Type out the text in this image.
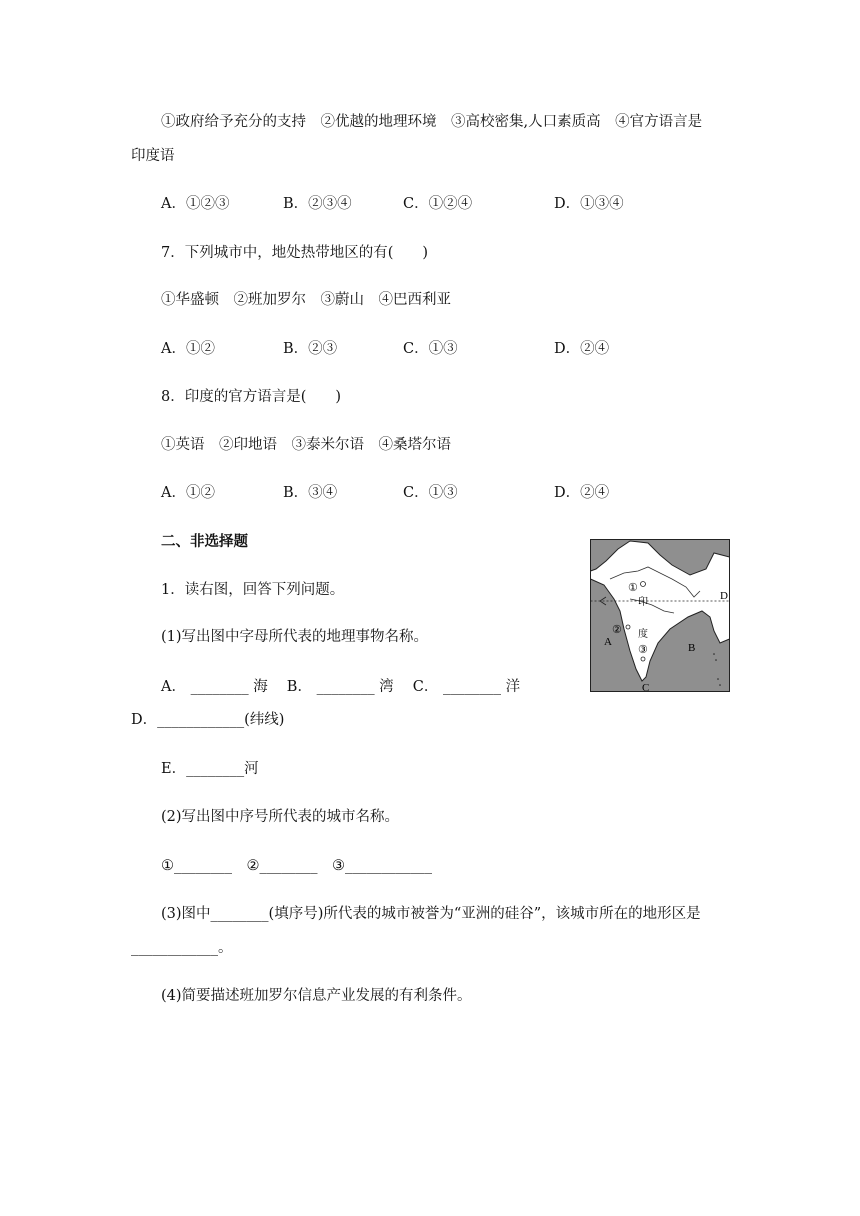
①政府给予充分的支持　②优越的地理环境　③高校密集,人口素质高　④官方语言是
印度语
A．①②③	B．②③④	C．①②④	D．①③④
7．下列城市中，地处热带地区的有(　　)
①华盛顿　②班加罗尔　③蔚山　④巴西利亚
A．①②	B．②③	C．①③	D．②④
8．印度的官方语言是(　　)
①英语　②印地语　③泰米尔语　④桑塔尔语
A．①②	B．③④	C．①③	D．②④
二、非选择题
1．读右图，回答下列问题。
(1)写出图中字母所代表的地理事物名称。
A． ________ 海　 B． ________ 湾　 C． ________ 洋
D．____________(纬线)
E．________河
(2)写出图中序号所代表的城市名称。
①________　②________　③____________
(3)图中________(填序号)所代表的城市被誉为“亚洲的硅谷”，该城市所在的地形区是
____________。
(4)简要描述班加罗尔信息产业发展的有利条件。
①
印
② 度
③
A	B
C
D
